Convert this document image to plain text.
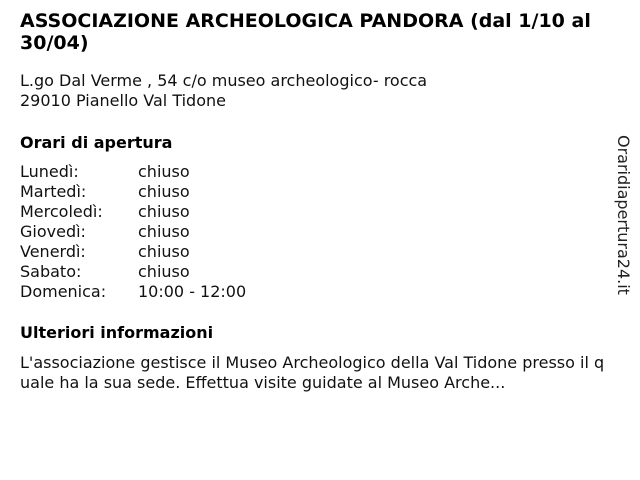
ASSOCIAZIONE ARCHEOLOGICA PANDORA (dal 1/10 al 30/04)
L.go Dal Verme , 54 c/o museo archeologico- rocca
29010 Pianello Val Tidone
Orari di apertura
Lunedì:	chiuso
Martedì:	chiuso
Mercoledì:	chiuso
Giovedì:	chiuso
Venerdì:	chiuso
Sabato:	chiuso
Domenica:	10:00 - 12:00
Ulteriori informazioni
L'associazione gestisce il Museo Archeologico della Val Tidone presso il quale ha la sua sede. Effettua visite guidate al Museo Arche...
Oraridiapertura24.it
